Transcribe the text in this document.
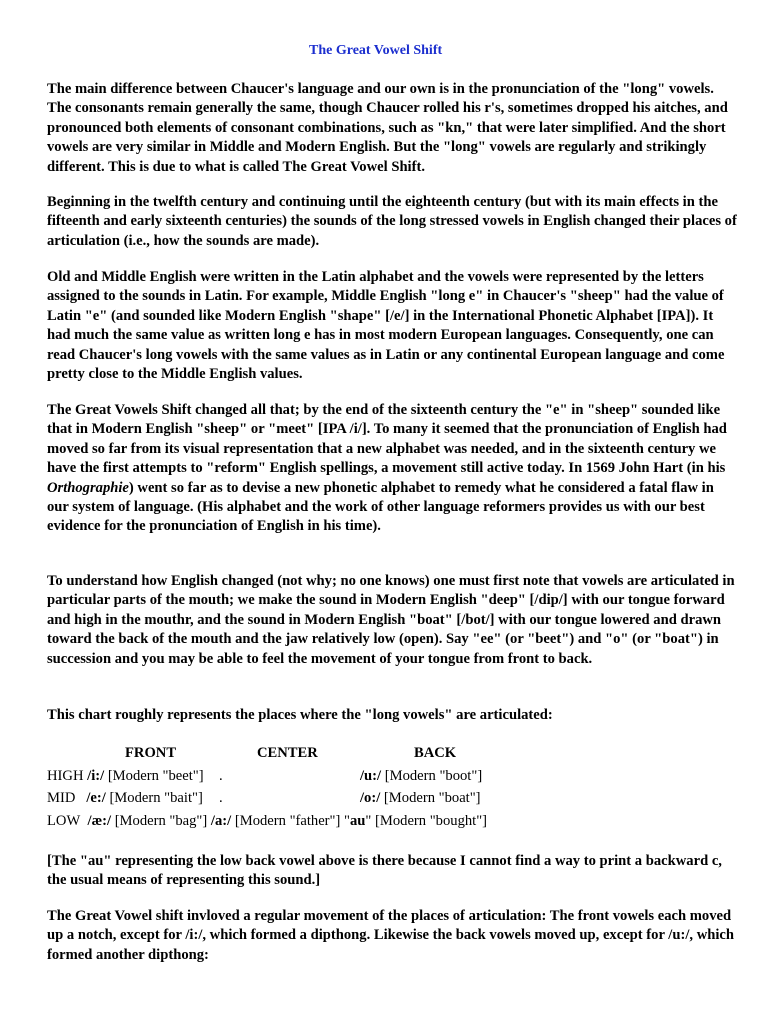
The Great Vowel Shift

The main difference between Chaucer's language and our own is in the pronunciation of the "long" vowels. The consonants remain generally the same, though Chaucer rolled his r's, sometimes dropped his aitches, and pronounced both elements of consonant combinations, such as "kn," that were later simplified. And the short vowels are very similar in Middle and Modern English. But the "long" vowels are regularly and strikingly different. This is due to what is called The Great Vowel Shift.

Beginning in the twelfth century and continuing until the eighteenth century (but with its main effects in the fifteenth and early sixteenth centuries) the sounds of the long stressed vowels in English changed their places of articulation (i.e., how the sounds are made).

Old and Middle English were written in the Latin alphabet and the vowels were represented by the letters assigned to the sounds in Latin. For example, Middle English "long e" in Chaucer's "sheep" had the value of Latin "e" (and sounded like Modern English "shape" [/e/] in the International Phonetic Alphabet [IPA]). It had much the same value as written long e has in most modern European languages. Consequently, one can read Chaucer's long vowels with the same values as in Latin or any continental European language and come pretty close to the Middle English values.

The Great Vowels Shift changed all that; by the end of the sixteenth century the "e" in "sheep" sounded like that in Modern English "sheep" or "meet" [IPA /i/]. To many it seemed that the pronunciation of English had moved so far from its visual representation that a new alphabet was needed, and in the sixteenth century we have the first attempts to "reform" English spellings, a movement still active today. In 1569 John Hart (in his Orthographie) went so far as to devise a new phonetic alphabet to remedy what he considered a fatal flaw in our system of language. (His alphabet and the work of other language reformers provides us with our best evidence for the pronunciation of English in his time).

To understand how English changed (not why; no one knows) one must first note that vowels are articulated in particular parts of the mouth; we make the sound in Modern English "deep" [/dip/] with our tongue forward and high in the mouthr, and the sound in Modern English "boat" [/bot/] with our tongue lowered and drawn toward the back of the mouth and the jaw relatively low (open). Say "ee" (or "beet") and "o" (or "boat") in succession and you may be able to feel the movement of your tongue from front to back.

This chart roughly represents the places where the "long vowels" are articulated:

FRONT	CENTER	BACK
HIGH /i:/ [Modern "beet"] .	/u:/ [Modern "boot"]
MID /e:/ [Modern "bait"] .	/o:/ [Modern "boat"]
LOW /æ:/ [Modern "bag"] /a:/ [Modern "father"] "au" [Modern "bought"]

[The "au" representing the low back vowel above is there because I cannot find a way to print a backward c, the usual means of representing this sound.]

The Great Vowel shift invloved a regular movement of the places of articulation: The front vowels each moved up a notch, except for /i:/, which formed a dipthong. Likewise the back vowels moved up, except for /u:/, which formed another dipthong:
